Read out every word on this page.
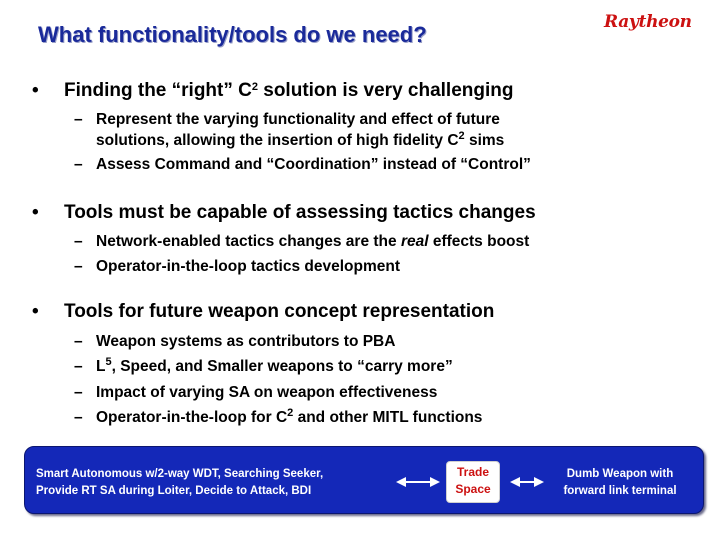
What functionality/tools do we need?	Raytheon
• Finding the “right” $C^2$ solution is very challenging
– Represent the varying functionality and effect of future
solutions, allowing the insertion of high fidelity $C^2$ sims
– Assess Command and “Coordination” instead of “Control”
• Tools must be capable of assessing tactics changes
– Network-enabled tactics changes are the real effects boost
– Operator-in-the-loop tactics development
• Tools for future weapon concept representation
– Weapon systems as contributors to PBA
– $L^5$, Speed, and Smaller weapons to “carry more”
– Impact of varying SA on weapon effectiveness
– Operator-in-the-loop for $C^2$ and other MITL functions
Smart Autonomous w/2-way WDT, Searching Seeker,
Provide RT SA during Loiter, Decide to Attack, BDI
Trade
Space
Dumb Weapon with
forward link terminal
